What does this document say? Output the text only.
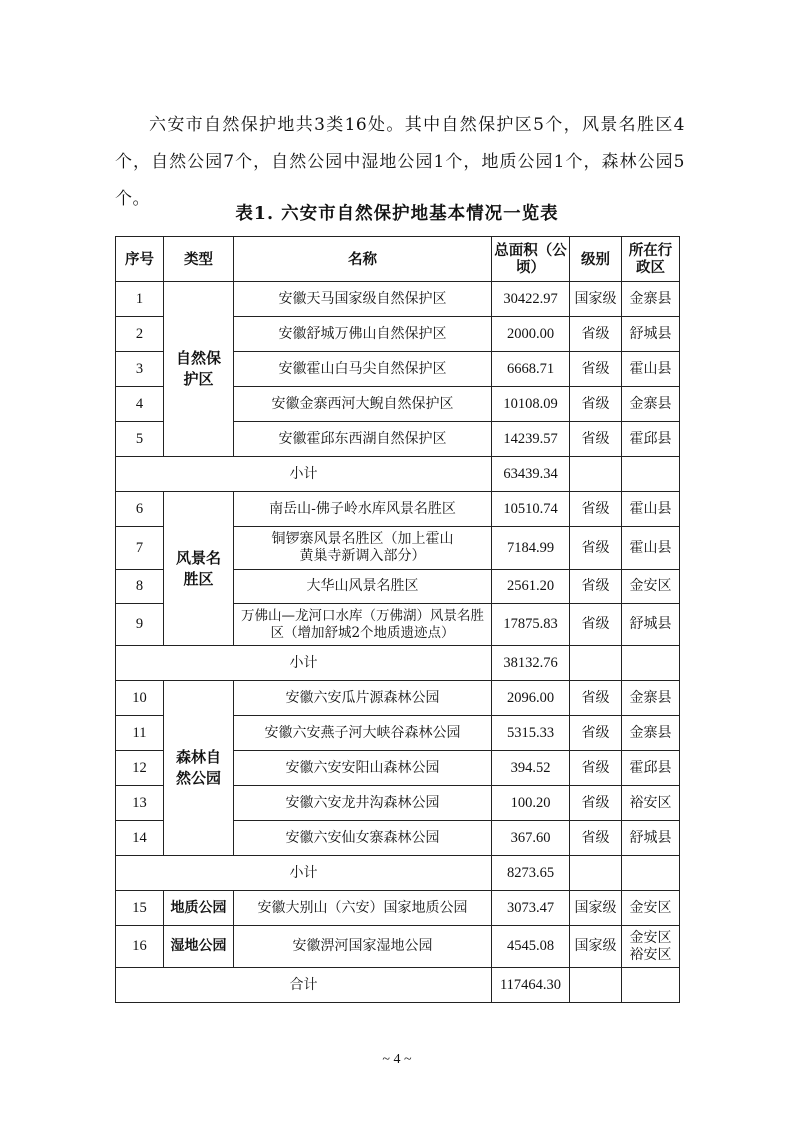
六安市自然保护地共3类16处。其中自然保护区5个，风景名胜区4个，自然公园7个，自然公园中湿地公园1个，地质公园1个，森林公园5个。

表1. 六安市自然保护地基本情况一览表
序号	类型	名称	总面积（公顷）	级别	所在行政区
1	自然保护区	安徽天马国家级自然保护区	30422.97	国家级	金寨县
2		安徽舒城万佛山自然保护区	2000.00	省级	舒城县
3		安徽霍山白马尖自然保护区	6668.71	省级	霍山县
4		安徽金寨西河大鲵自然保护区	10108.09	省级	金寨县
5		安徽霍邱东西湖自然保护区	14239.57	省级	霍邱县
小计			63439.34		
6	风景名胜区	南岳山-佛子岭水库风景名胜区	10510.74	省级	霍山县
7		铜锣寨风景名胜区（加上霍山黄巢寺新调入部分）	7184.99	省级	霍山县
8		大华山风景名胜区	2561.20	省级	金安区
9		万佛山—龙河口水库（万佛湖）风景名胜区（增加舒城2个地质遗迹点）	17875.83	省级	舒城县
小计			38132.76		
10	森林自然公园	安徽六安瓜片源森林公园	2096.00	省级	金寨县
11		安徽六安燕子河大峡谷森林公园	5315.33	省级	金寨县
12		安徽六安安阳山森林公园	394.52	省级	霍邱县
13		安徽六安龙井沟森林公园	100.20	省级	裕安区
14		安徽六安仙女寨森林公园	367.60	省级	舒城县
小计			8273.65		
15	地质公园	安徽大别山（六安）国家地质公园	3073.47	国家级	金安区
16	湿地公园	安徽淠河国家湿地公园	4545.08	国家级	金安区 裕安区
合计			117464.30		
~ 4 ~
